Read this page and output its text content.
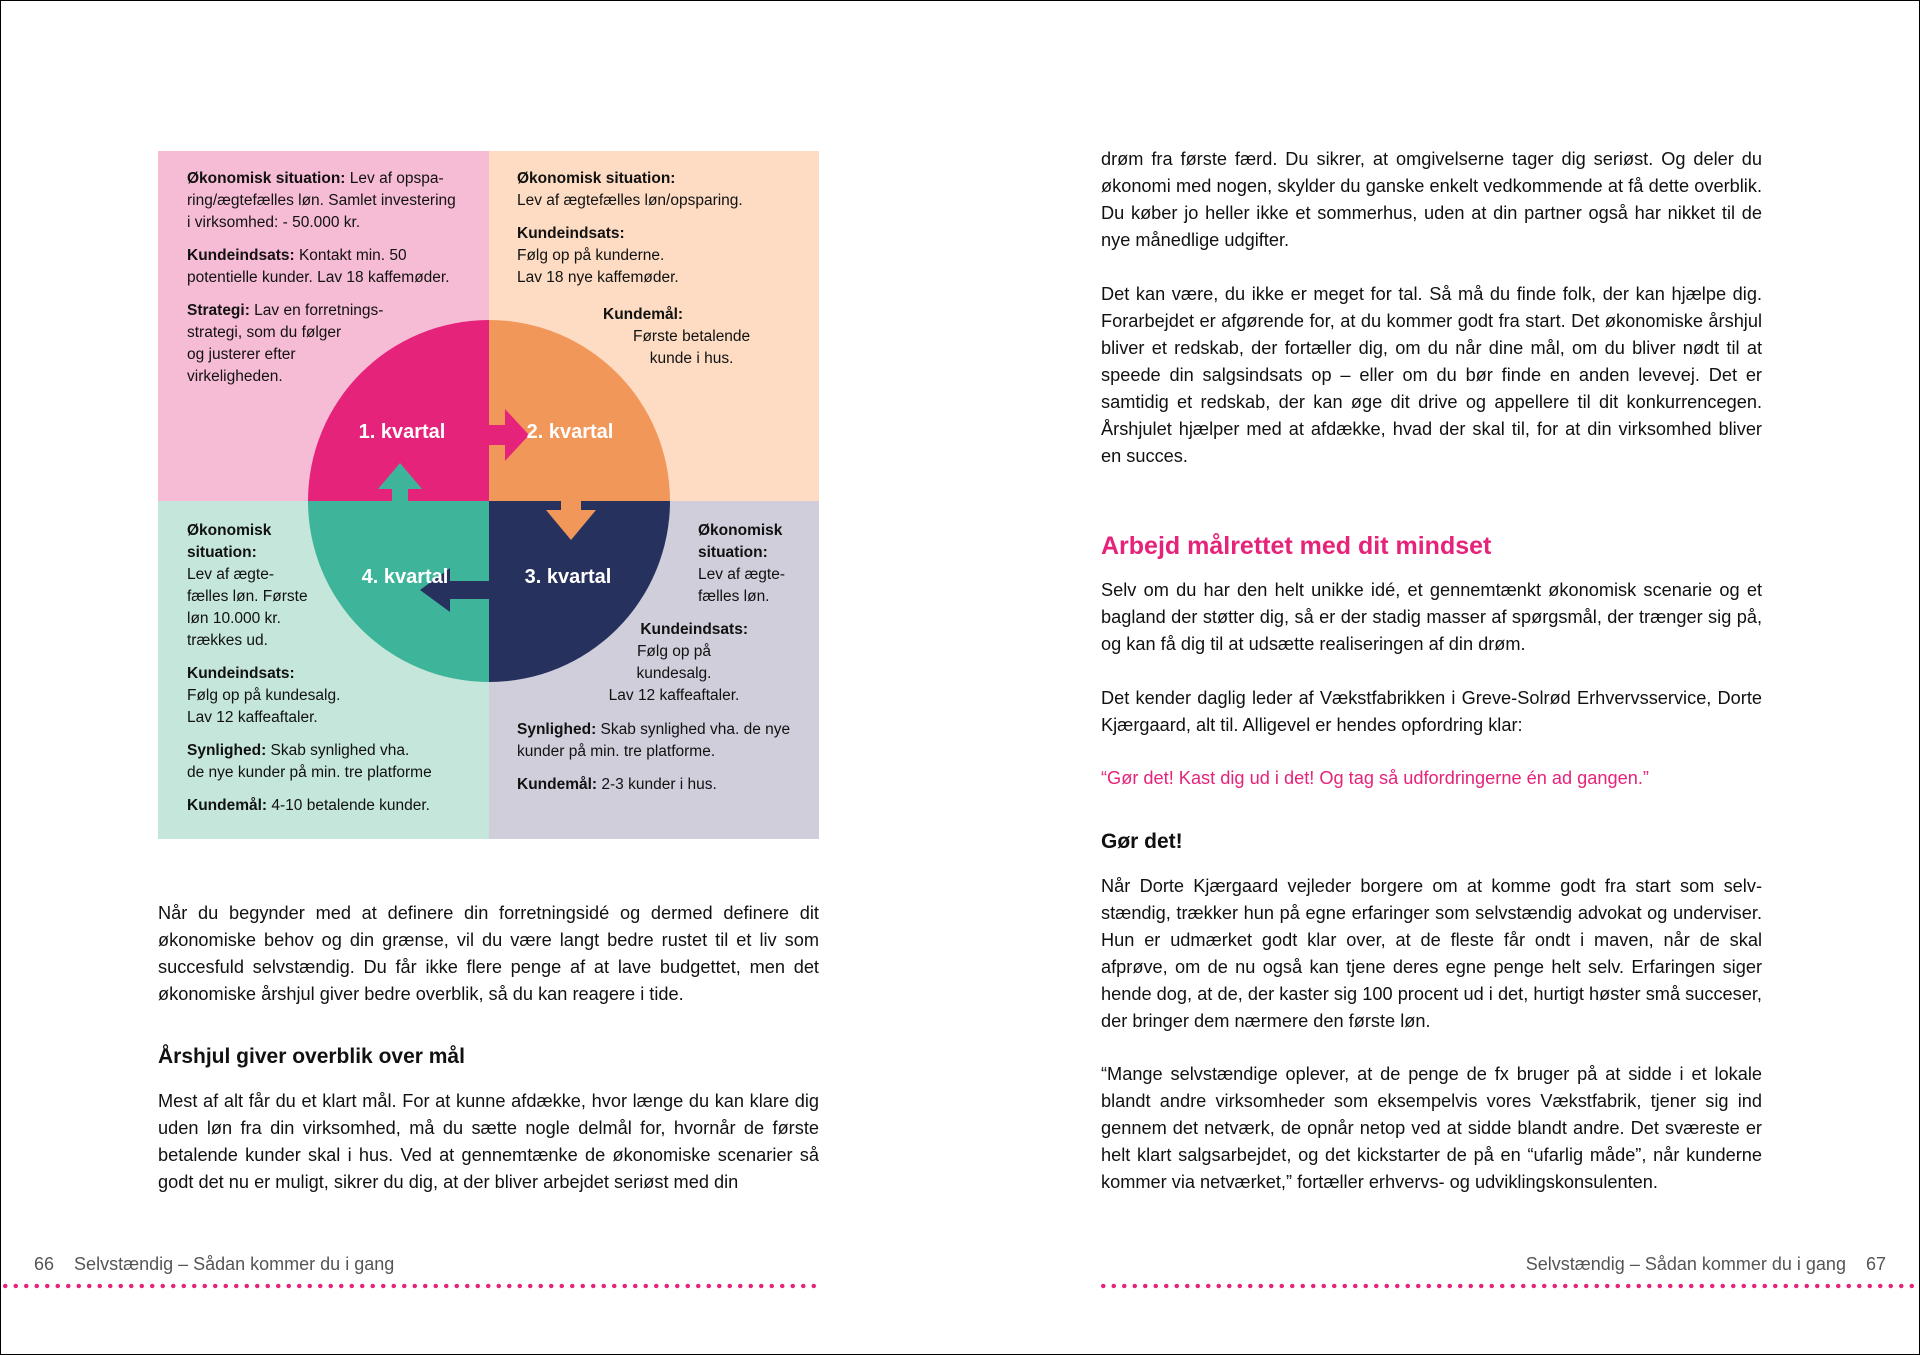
Økonomisk situation: Lev af opspa-
ring/ægtefælles løn. Samlet investering
i virksomhed: - 50.000 kr.

Kundeindsats: Kontakt min. 50
potentielle kunder. Lav 18 kaffemøder.

Strategi: Lav en forretnings-
strategi, som du følger
og justerer efter
virkeligheden.

Økonomisk situation:
Lev af ægtefælles løn/opsparing.

Kundeindsats:
Følg op på kunderne.
Lav 18 nye kaffemøder.

Kundemål:
Første betalende
kunde i hus.

Økonomisk
situation:
Lev af ægte-
fælles løn. Første
løn 10.000 kr.
trækkes ud.

Kundeindsats:
Følg op på kundesalg.
Lav 12 kaffeaftaler.

Synlighed: Skab synlighed vha.
de nye kunder på min. tre platforme

Kundemål: 4-10 betalende kunder.

Økonomisk
situation:
Lev af ægte-
fælles løn.

Kundeindsats:

Følg op på
kundesalg.
Lav 12 kaffeaftaler.

Synlighed: Skab synlighed vha. de nye
kunder på min. tre platforme.

Kundemål: 2-3 kunder i hus.

1. kvartal	2. kvartal
3. kvartal
4. kvartal

Når du begynder med at definere din forretningsidé og dermed definere dit økonomiske behov og din grænse, vil du være langt bedre rustet til et liv som succesfuld selvstændig. Du får ikke flere penge af at lave budgettet, men det økonomiske årshjul giver bedre overblik, så du kan reagere i tide.

Årshjul giver overblik over mål

Mest af alt får du et klart mål. For at kunne afdække, hvor længe du kan klare dig uden løn fra din virksomhed, må du sætte nogle delmål for, hvornår de første betalende kunder skal i hus. Ved at gennemtænke de økonomiske scenarier så godt det nu er muligt, sikrer du dig, at der bliver arbejdet seriøst med din

66 Selvstændig – Sådan kommer du i gang

drøm fra første færd. Du sikrer, at omgivelserne tager dig seriøst. Og deler du økonomi med nogen, skylder du ganske enkelt vedkommende at få dette overblik. Du køber jo heller ikke et sommerhus, uden at din partner også har nikket til de nye månedlige udgifter.

Det kan være, du ikke er meget for tal. Så må du finde folk, der kan hjælpe dig. Forarbejdet er afgørende for, at du kommer godt fra start. Det økonomiske årshjul bliver et redskab, der fortæller dig, om du når dine mål, om du bliver nødt til at speede din salgsindsats op – eller om du bør finde en anden levevej. Det er samtidig et redskab, der kan øge dit drive og appellere til dit konkurrencegen. Årshjulet hjælper med at afdække, hvad der skal til, for at din virksomhed bliver en succes.

Arbejd målrettet med dit mindset

Selv om du har den helt unikke idé, et gennemtænkt økonomisk scenarie og et bagland der støtter dig, så er der stadig masser af spørgsmål, der trænger sig på, og kan få dig til at udsætte realiseringen af din drøm.

Det kender daglig leder af Vækstfabrikken i Greve-Solrød Erhvervsservice, Dorte Kjærgaard, alt til. Alligevel er hendes opfordring klar:

“Gør det! Kast dig ud i det! Og tag så udfordringerne én ad gangen.”
Gør det!

Når Dorte Kjærgaard vejleder borgere om at komme godt fra start som selvstændig, trækker hun på egne erfaringer som selvstændig advokat og underviser. Hun er udmærket godt klar over, at de fleste får ondt i maven, når de skal afprøve, om de nu også kan tjene deres egne penge helt selv. Erfaringen siger hende dog, at de, der kaster sig 100 procent ud i det, hurtigt høster små succeser, der bringer dem nærmere den første løn.

“Mange selvstændige oplever, at de penge de fx bruger på at sidde i et lokale blandt andre virksomheder som eksempelvis vores Vækstfabrik, tjener sig ind gennem det netværk, de opnår netop ved at sidde blandt andre. Det sværeste er helt klart salgsarbejdet, og det kickstarter de på en “ufarlig måde”, når kunderne kommer via netværket,” fortæller erhvervs- og udviklingskonsulenten.

Selvstændig – Sådan kommer du i gang 67
